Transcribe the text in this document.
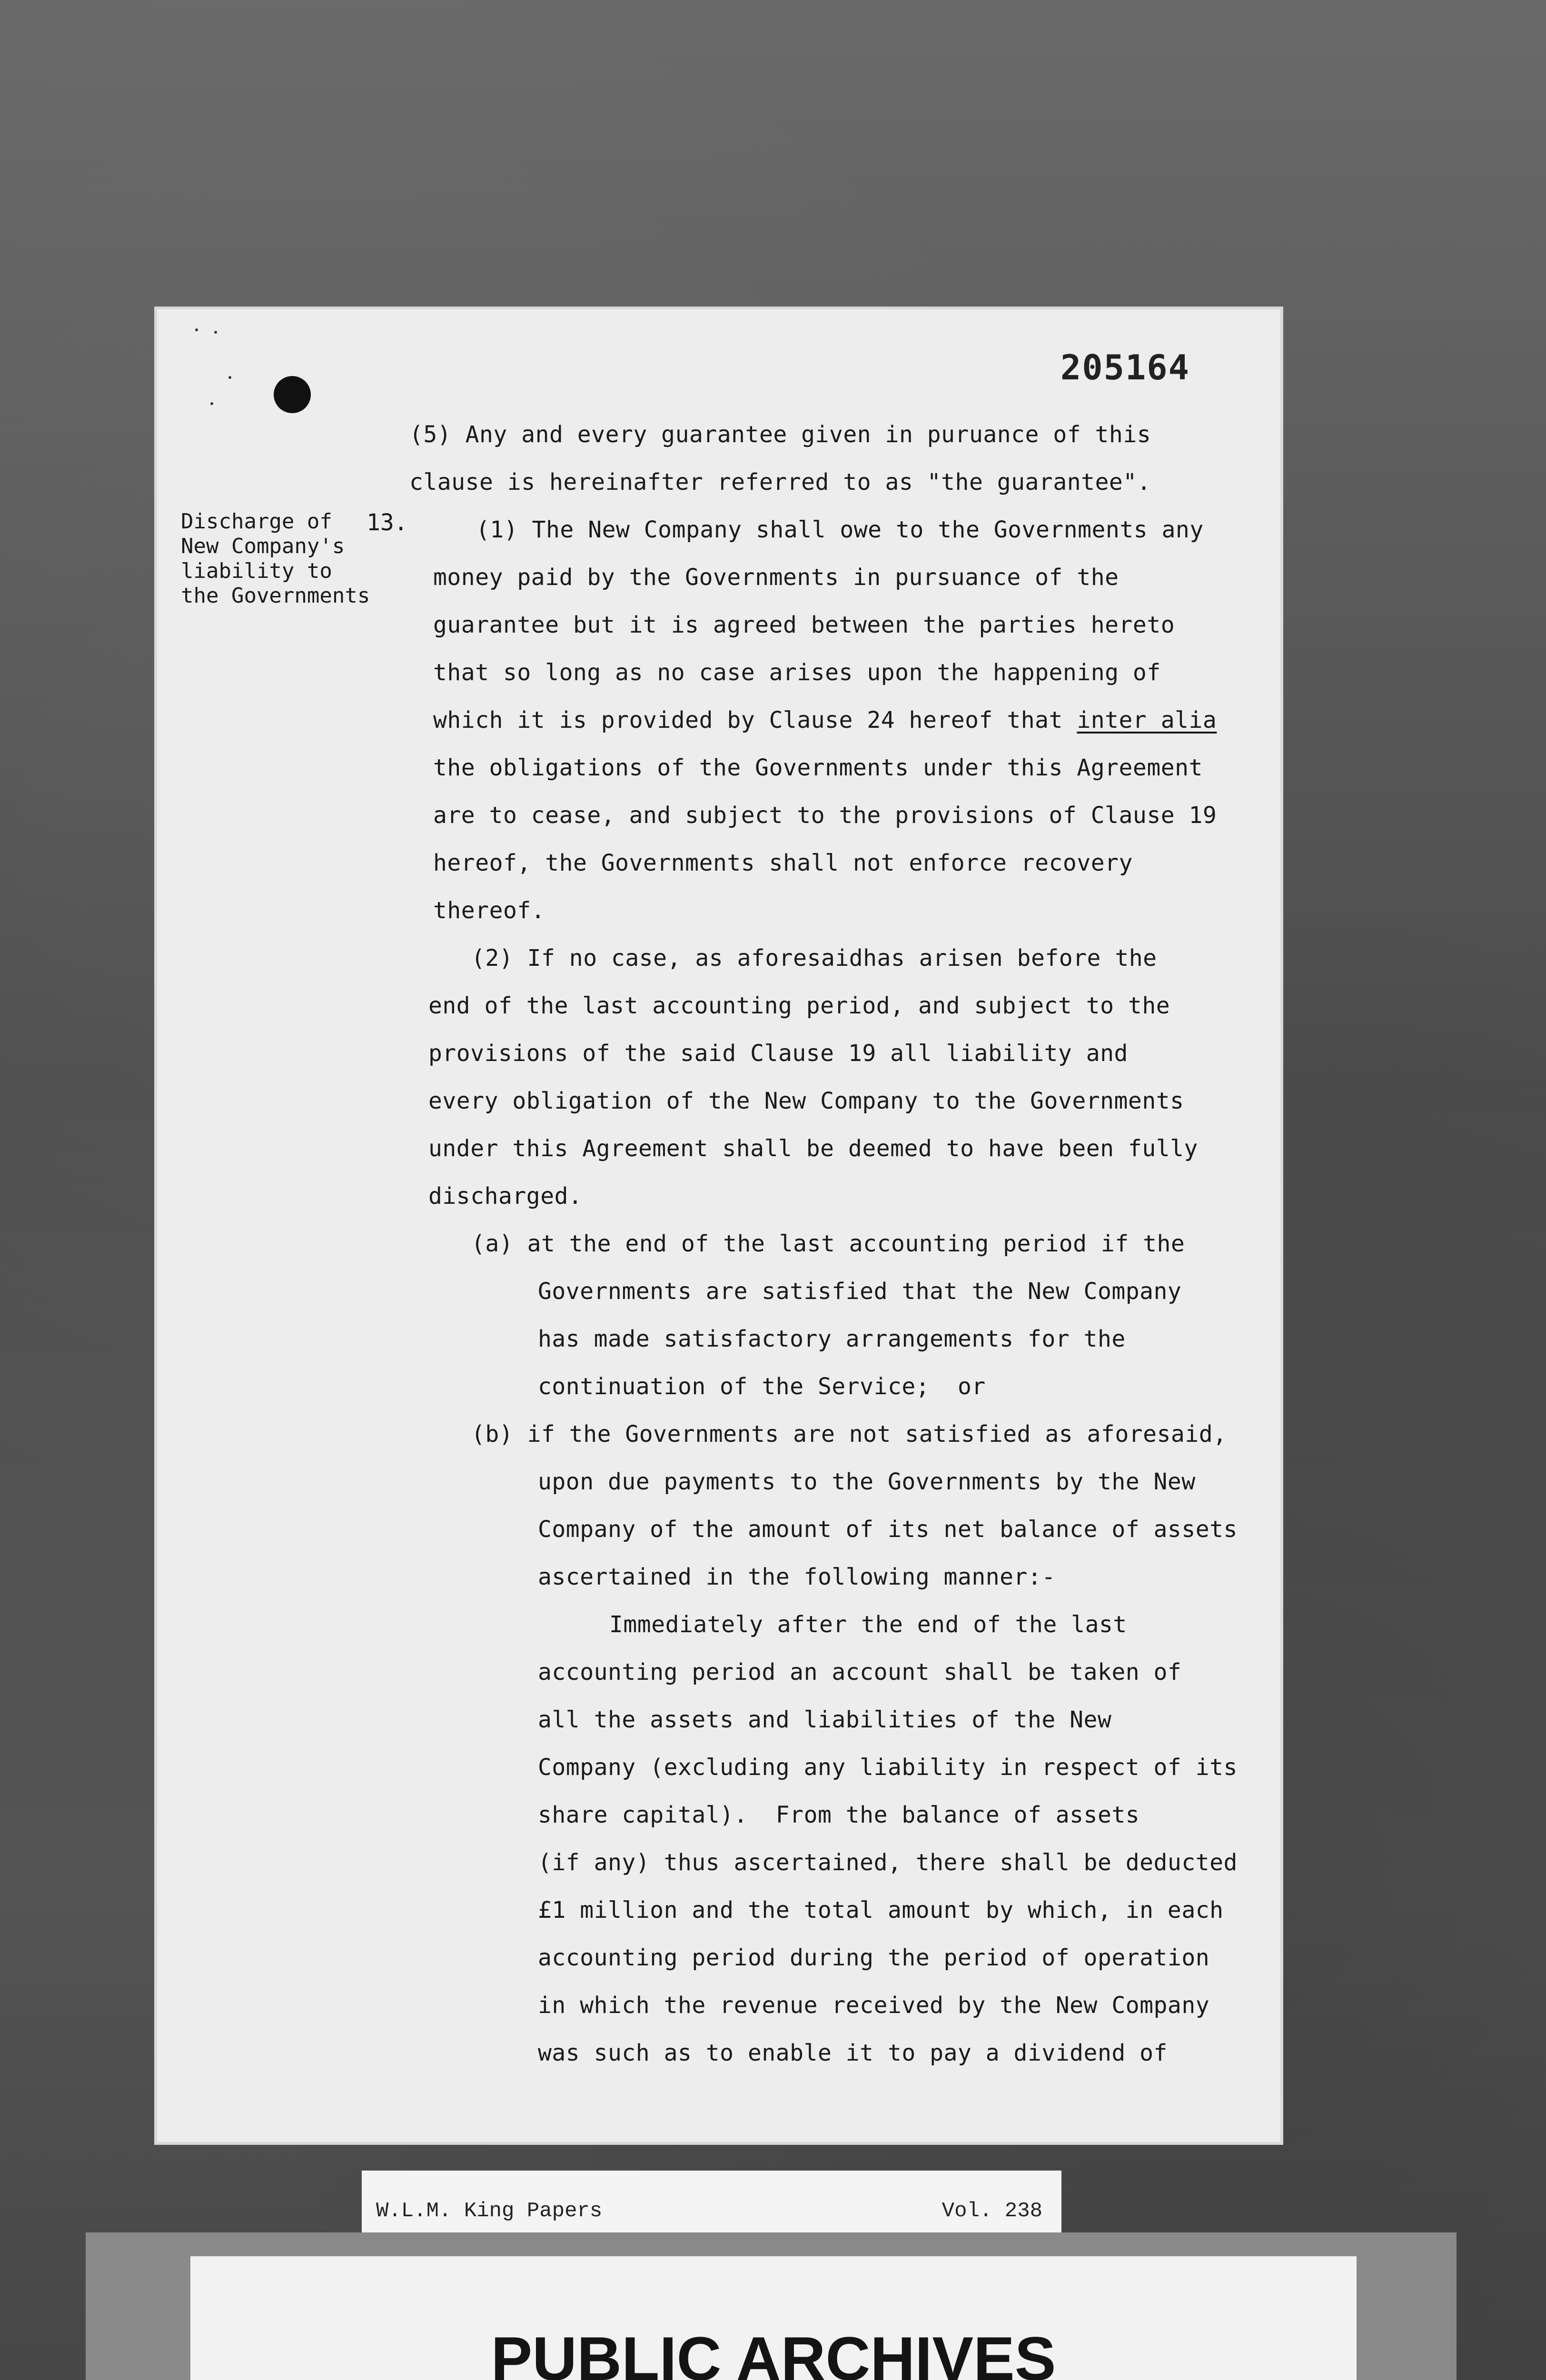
205164
Discharge of
New Company's
liability to
the Governments
13.
(5) Any and every guarantee given in puruance of this
clause is hereinafter referred to as "the guarantee".
(1) The New Company shall owe to the Governments any
money paid by the Governments in pursuance of the
guarantee but it is agreed between the parties hereto
that so long as no case arises upon the happening of
which it is provided by Clause 24 hereof that inter alia
the obligations of the Governments under this Agreement
are to cease, and subject to the provisions of Clause 19
hereof, the Governments shall not enforce recovery
thereof.
(2) If no case, as aforesaidhas arisen before the
end of the last accounting period, and subject to the
provisions of the said Clause 19 all liability and
every obligation of the New Company to the Governments
under this Agreement shall be deemed to have been fully
discharged.
(a) at the end of the last accounting period if the
Governments are satisfied that the New Company
has made satisfactory arrangements for the
continuation of the Service;  or
(b) if the Governments are not satisfied as aforesaid,
upon due payments to the Governments by the New
Company of the amount of its net balance of assets
ascertained in the following manner:-
Immediately after the end of the last
accounting period an account shall be taken of
all the assets and liabilities of the New
Company (excluding any liability in respect of its
share capital).  From the balance of assets
(if any) thus ascertained, there shall be deducted
£1 million and the total amount by which, in each
accounting period during the period of operation
in which the revenue received by the New Company
was such as to enable it to pay a dividend of
W.L.M. King Papers	Vol. 238
PUBLIC ARCHIVES
